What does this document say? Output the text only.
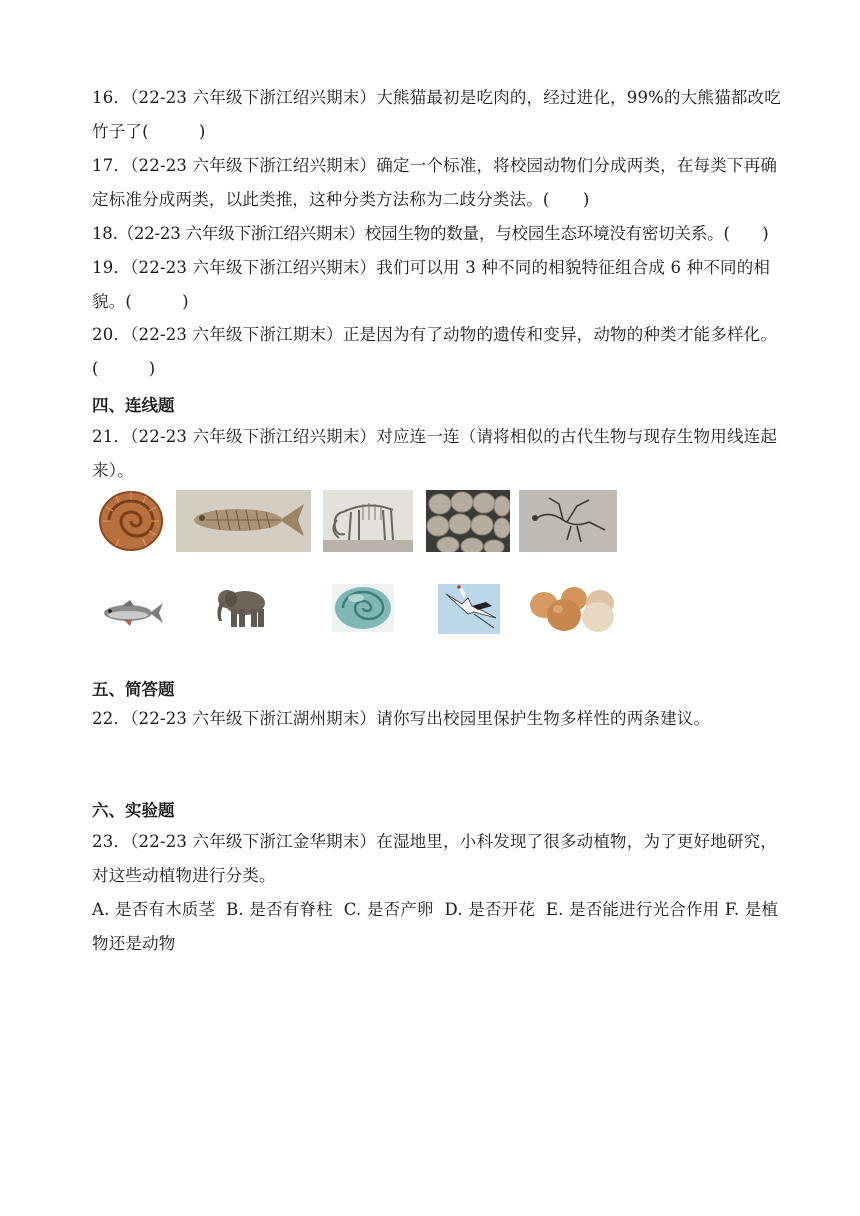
16．（22-23 六年级下浙江绍兴期末）大熊猫最初是吃肉的，经过进化，99%的大熊猫都改吃竹子了(　　　)
17．（22-23 六年级下浙江绍兴期末）确定一个标准，将校园动物们分成两类，在每类下再确定标准分成两类，以此类推，这种分类方法称为二歧分类法。(　　)
18.（22-23 六年级下浙江绍兴期末）校园生物的数量，与校园生态环境没有密切关系。(　　)
19．（22-23 六年级下浙江绍兴期末）我们可以用 3 种不同的相貌特征组合成 6 种不同的相貌。(　　　)
20．（22-23 六年级下浙江期末）正是因为有了动物的遗传和变异，动物的种类才能多样化。(　　　)
四、连线题
21．（22-23 六年级下浙江绍兴期末）对应连一连（请将相似的古代生物与现存生物用线连起来）。
五、简答题
22．（22-23 六年级下浙江湖州期末）请你写出校园里保护生物多样性的两条建议。
六、实验题
23．（22-23 六年级下浙江金华期末）在湿地里，小科发现了很多动植物，为了更好地研究，对这些动植物进行分类。
A. 是否有木质茎  B. 是否有脊柱  C. 是否产卵  D. 是否开花  E. 是否能进行光合作用 F. 是植物还是动物
